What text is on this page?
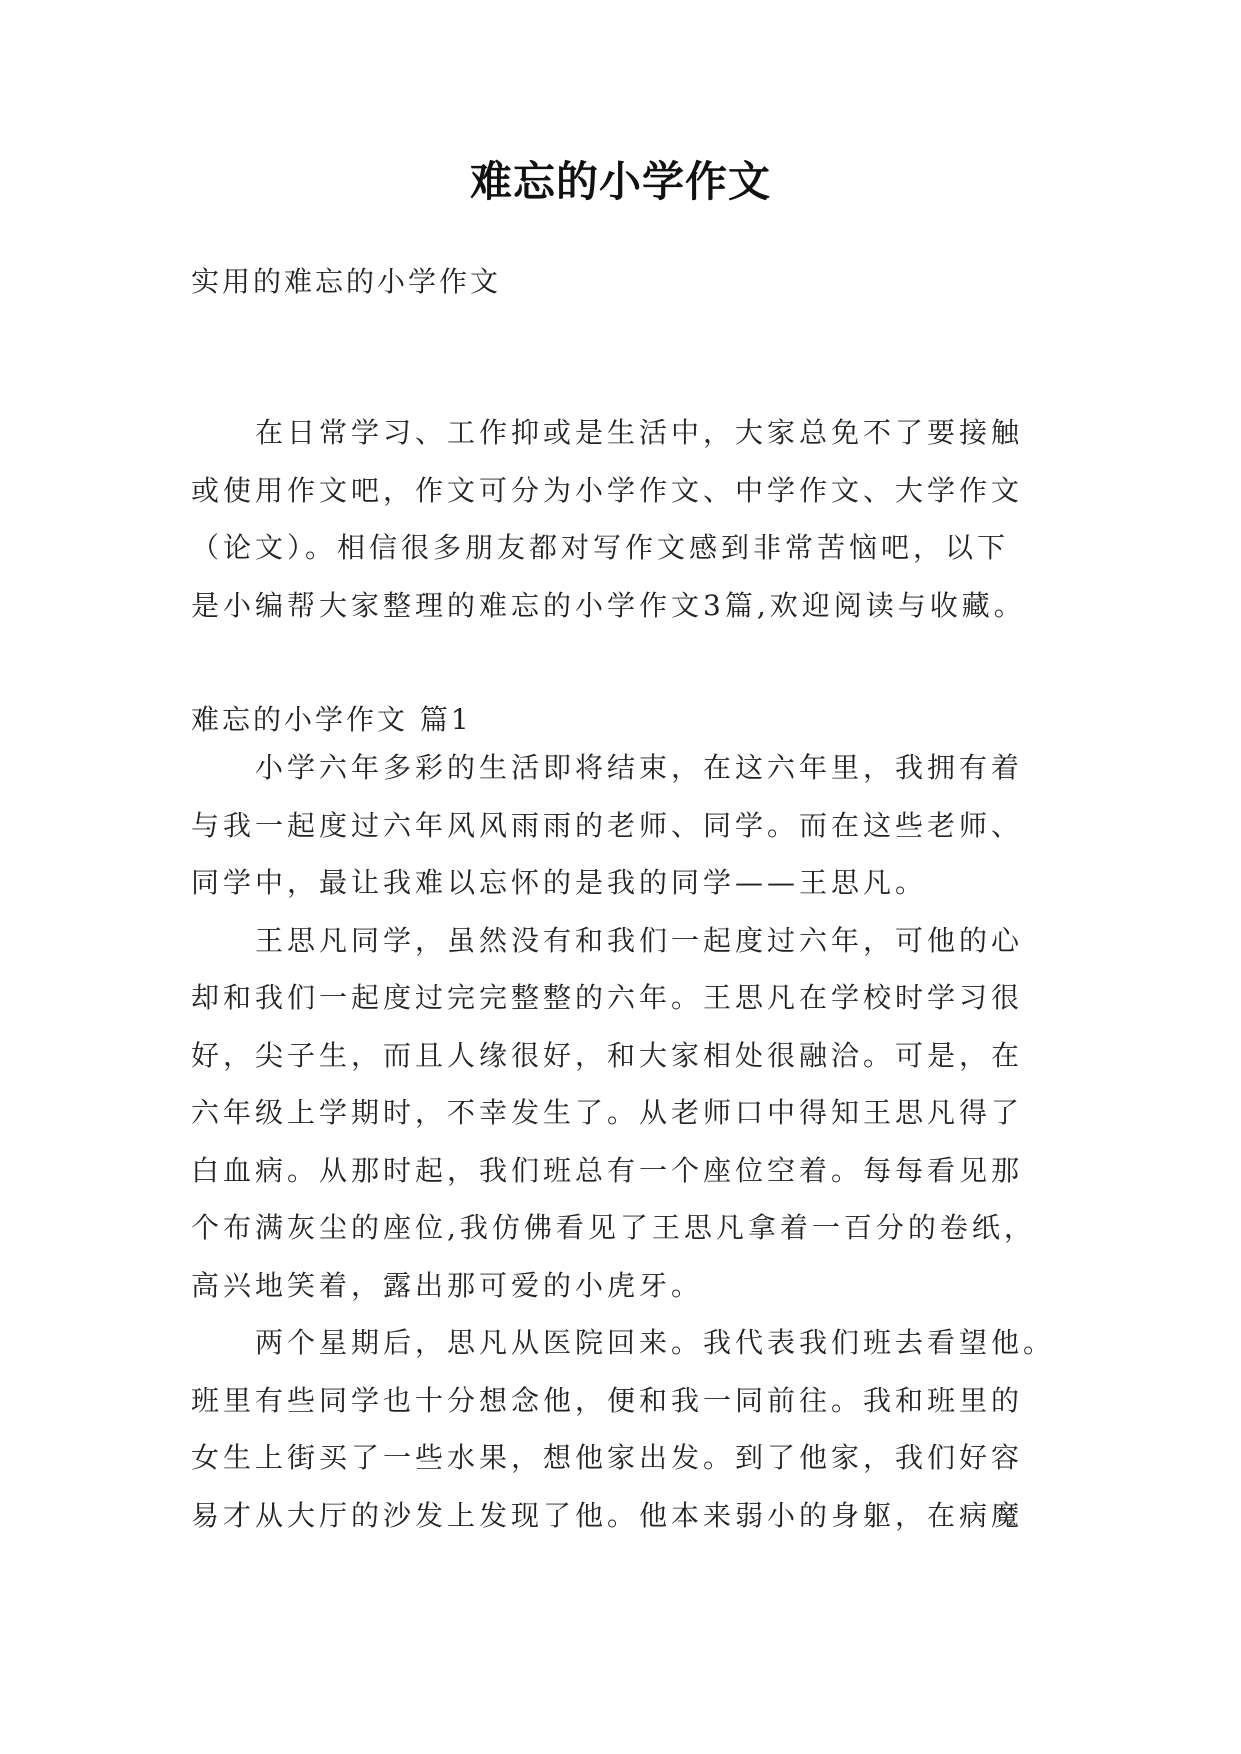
难忘的小学作文
实用的难忘的小学作文
在日常学习、工作抑或是生活中，大家总免不了要接触
或使用作文吧，作文可分为小学作文、中学作文、大学作文
（论文）。相信很多朋友都对写作文感到非常苦恼吧，以下
是小编帮大家整理的难忘的小学作文3篇,欢迎阅读与收藏。
难忘的小学作文 篇1
小学六年多彩的生活即将结束，在这六年里，我拥有着
与我一起度过六年风风雨雨的老师、同学。而在这些老师、
同学中，最让我难以忘怀的是我的同学——王思凡。
王思凡同学，虽然没有和我们一起度过六年，可他的心
却和我们一起度过完完整整的六年。王思凡在学校时学习很
好，尖子生，而且人缘很好，和大家相处很融洽。可是，在
六年级上学期时，不幸发生了。从老师口中得知王思凡得了
白血病。从那时起，我们班总有一个座位空着。每每看见那
个布满灰尘的座位,我仿佛看见了王思凡拿着一百分的卷纸，
高兴地笑着，露出那可爱的小虎牙。
两个星期后，思凡从医院回来。我代表我们班去看望他。
班里有些同学也十分想念他，便和我一同前往。我和班里的
女生上街买了一些水果，想他家出发。到了他家，我们好容
易才从大厅的沙发上发现了他。他本来弱小的身躯，在病魔
